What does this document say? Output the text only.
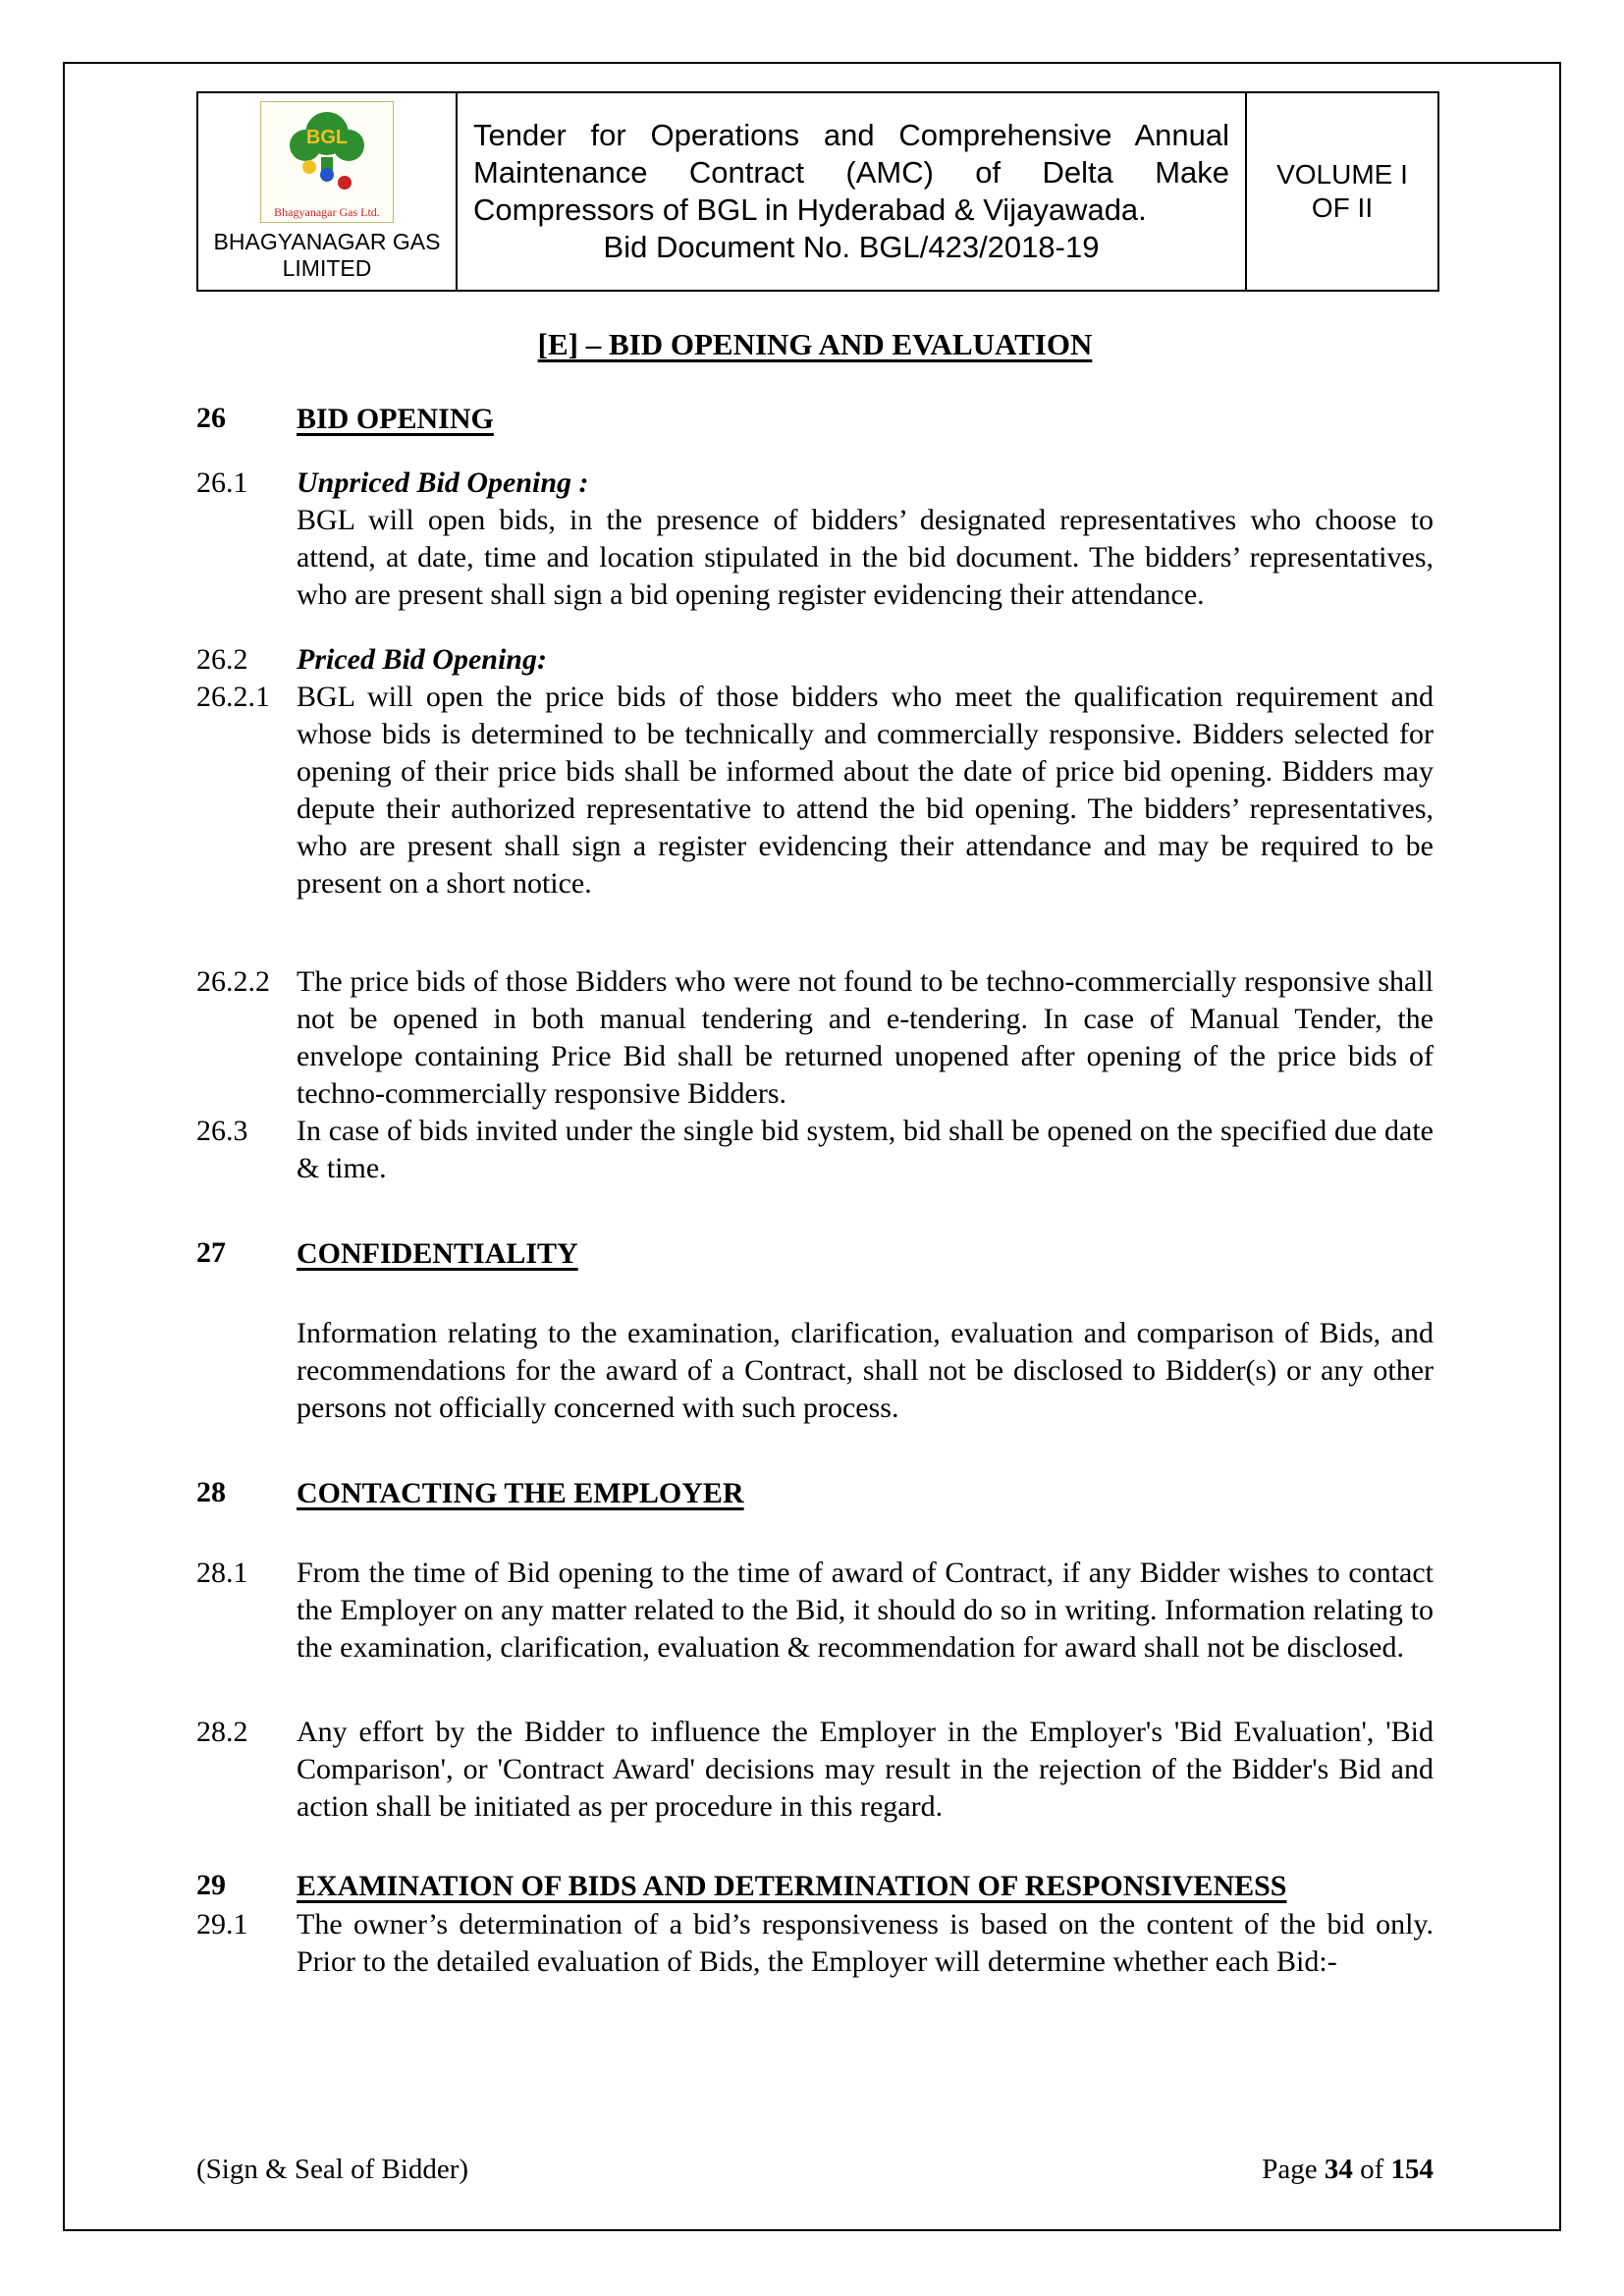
BGL
Bhagyanagar Gas Ltd.
BHAGYANAGAR GAS
LIMITED

Tender for Operations and Comprehensive Annual Maintenance Contract (AMC) of Delta Make Compressors of BGL in Hyderabad & Vijayawada.
Bid Document No. BGL/423/2018-19

VOLUME I
OF II
[E] – BID OPENING AND EVALUATION
26	BID OPENING
26.1	Unpriced Bid Opening :
BGL will open bids, in the presence of bidders’ designated representatives who choose to attend, at date, time and location stipulated in the bid document. The bidders’ representatives, who are present shall sign a bid opening register evidencing their attendance.
26.2	Priced Bid Opening:
26.2.1 BGL will open the price bids of those bidders who meet the qualification requirement and whose bids is determined to be technically and commercially responsive. Bidders selected for opening of their price bids shall be informed about the date of price bid opening. Bidders may depute their authorized representative to attend the bid opening. The bidders’ representatives, who are present shall sign a register evidencing their attendance and may be required to be present on a short notice.
26.2.2 The price bids of those Bidders who were not found to be techno-commercially responsive shall not be opened in both manual tendering and e-tendering. In case of Manual Tender, the envelope containing Price Bid shall be returned unopened after opening of the price bids of techno-commercially responsive Bidders.
26.3	In case of bids invited under the single bid system, bid shall be opened on the specified due date & time.
27	CONFIDENTIALITY
Information relating to the examination, clarification, evaluation and comparison of Bids, and recommendations for the award of a Contract, shall not be disclosed to Bidder(s) or any other persons not officially concerned with such process.
28	CONTACTING THE EMPLOYER
28.1	From the time of Bid opening to the time of award of Contract, if any Bidder wishes to contact the Employer on any matter related to the Bid, it should do so in writing. Information relating to the examination, clarification, evaluation & recommendation for award shall not be disclosed.
28.2	Any effort by the Bidder to influence the Employer in the Employer's 'Bid Evaluation', 'Bid Comparison', or 'Contract Award' decisions may result in the rejection of the Bidder's Bid and action shall be initiated as per procedure in this regard.
29	EXAMINATION OF BIDS AND DETERMINATION OF RESPONSIVENESS
29.1	The owner’s determination of a bid’s responsiveness is based on the content of the bid only. Prior to the detailed evaluation of Bids, the Employer will determine whether each Bid:-
(Sign & Seal of Bidder)	Page 34 of 154
